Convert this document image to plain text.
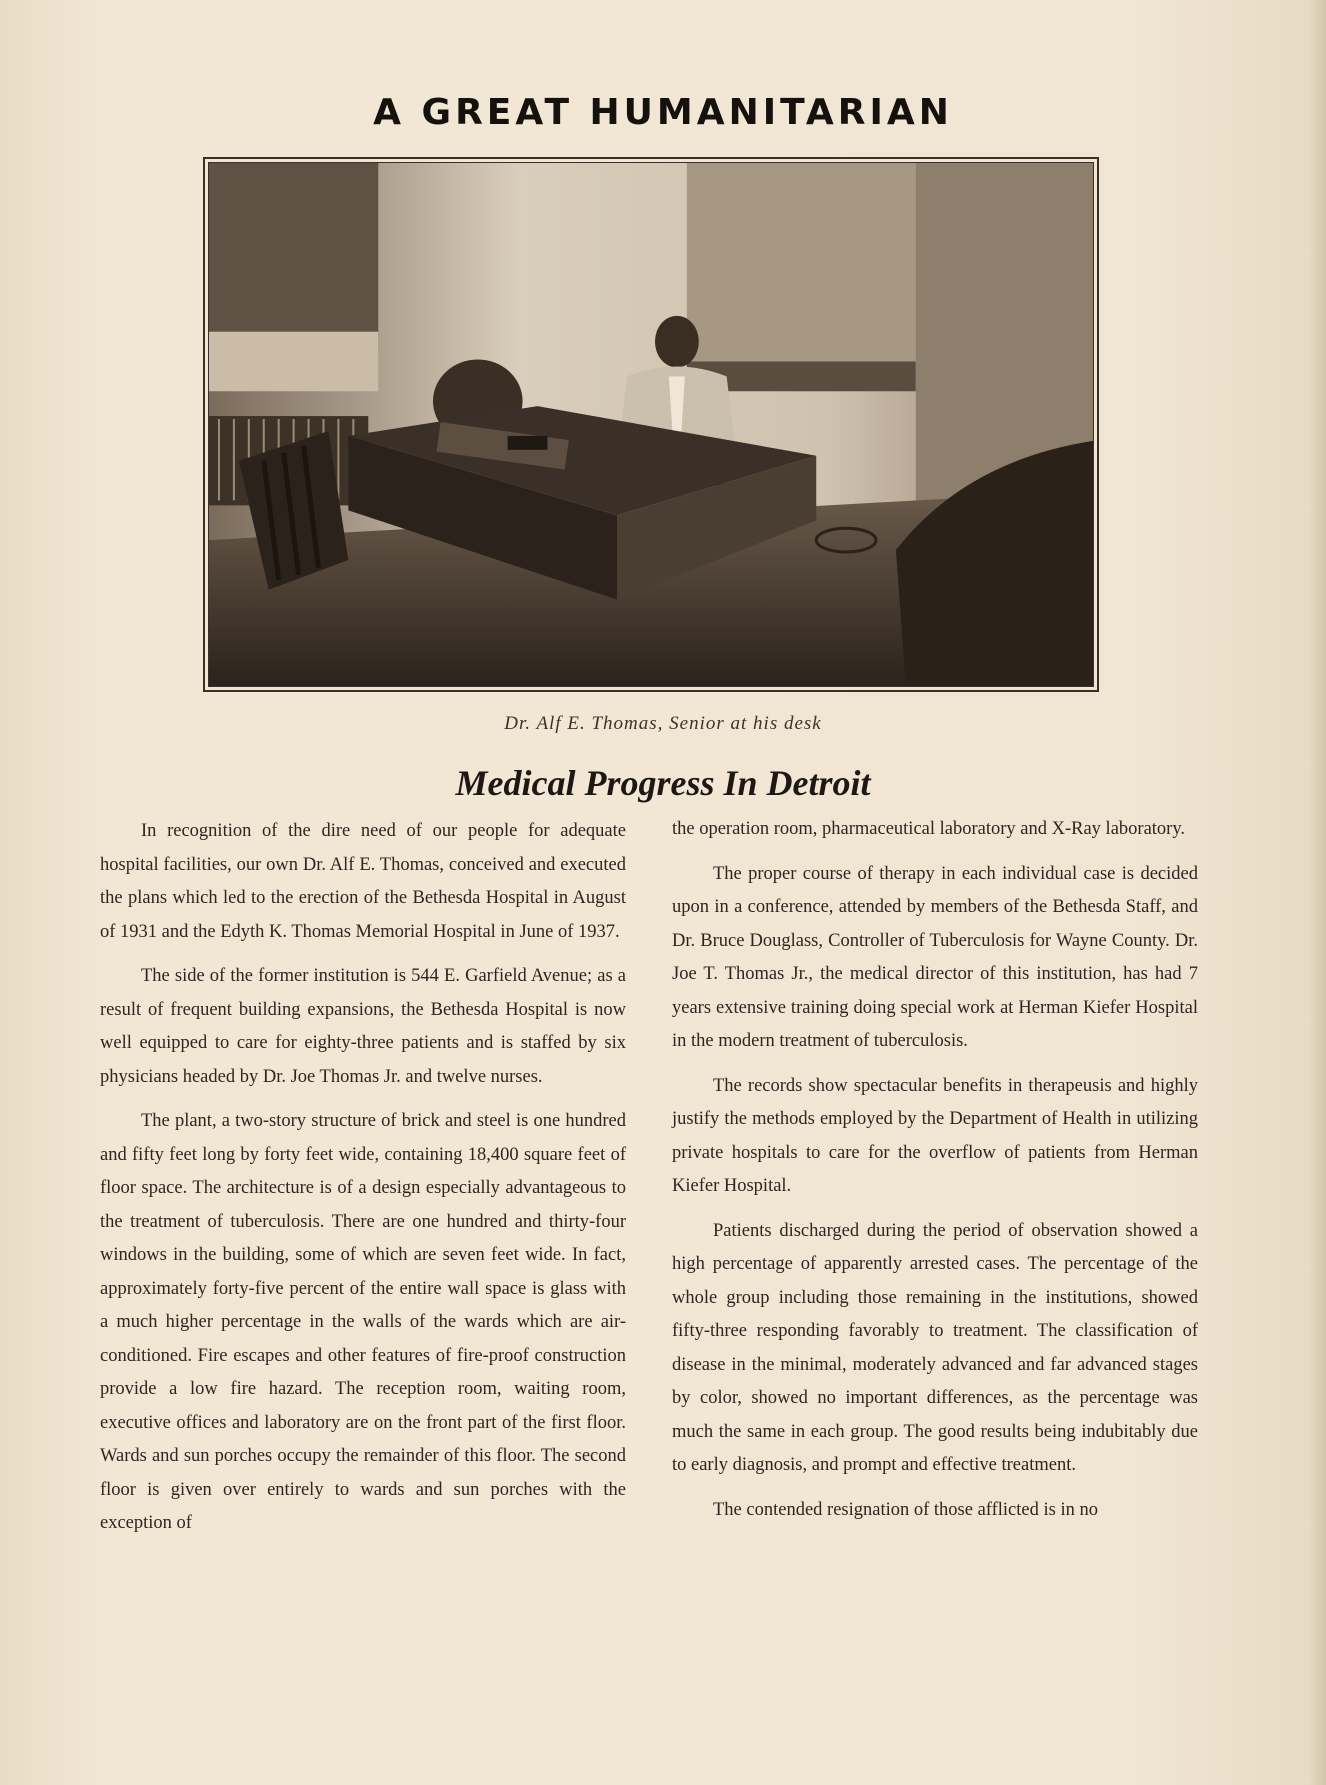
A GREAT HUMANITARIAN
Dr. Alf E. Thomas, Senior at his desk
Medical Progress In Detroit

In recognition of the dire need of our people for adequate hospital facilities, our own Dr. Alf E. Thomas, conceived and executed the plans which led to the erection of the Bethesda Hospital in August of 1931 and the Edyth K. Thomas Memorial Hospital in June of 1937.

The side of the former institution is 544 E. Garfield Avenue; as a result of frequent building expansions, the Bethesda Hospital is now well equipped to care for eighty-three patients and is staffed by six physicians headed by Dr. Joe Thomas Jr. and twelve nurses.

The plant, a two-story structure of brick and steel is one hundred and fifty feet long by forty feet wide, containing 18,400 square feet of floor space. The architecture is of a design especially advantageous to the treatment of tuberculosis. There are one hundred and thirty-four windows in the building, some of which are seven feet wide. In fact, approximately forty-five percent of the entire wall space is glass with a much higher percentage in the walls of the wards which are air-conditioned. Fire escapes and other features of fire-proof construction provide a low fire hazard. The reception room, waiting room, executive offices and laboratory are on the front part of the first floor. Wards and sun porches occupy the remainder of this floor. The second floor is given over entirely to wards and sun porches with the exception of

the operation room, pharmaceutical laboratory and X-Ray laboratory.

The proper course of therapy in each individual case is decided upon in a conference, attended by members of the Bethesda Staff, and Dr. Bruce Douglass, Controller of Tuberculosis for Wayne County. Dr. Joe T. Thomas Jr., the medical director of this institution, has had 7 years extensive training doing special work at Herman Kiefer Hospital in the modern treatment of tuberculosis.

The records show spectacular benefits in therapeusis and highly justify the methods employed by the Department of Health in utilizing private hospitals to care for the overflow of patients from Herman Kiefer Hospital.

Patients discharged during the period of observation showed a high percentage of apparently arrested cases. The percentage of the whole group including those remaining in the institutions, showed fifty-three responding favorably to treatment. The classification of disease in the minimal, moderately advanced and far advanced stages by color, showed no important differences, as the percentage was much the same in each group. The good results being indubitably due to early diagnosis, and prompt and effective treatment.

The contended resignation of those afflicted is in no
